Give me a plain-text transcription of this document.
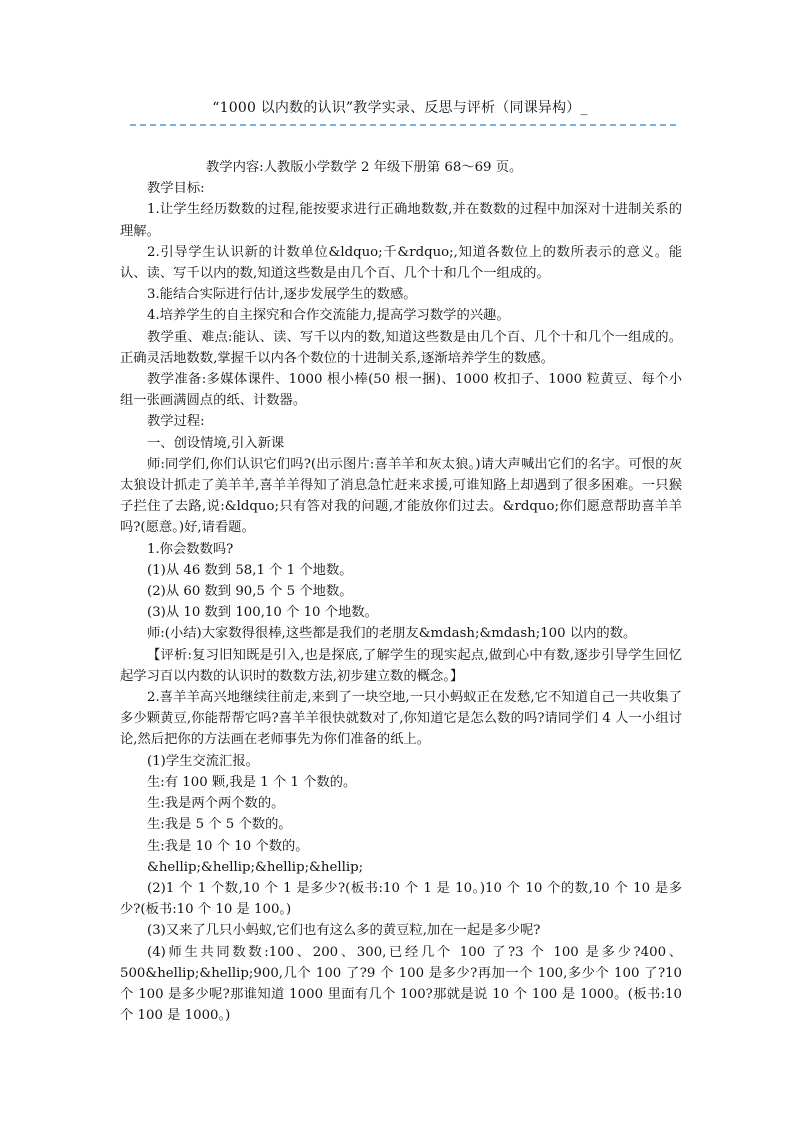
“1000 以内数的认识”教学实录、反思与评析（同课异构）_

教学内容:人教版小学数学 2 年级下册第 68～69 页。

教学目标:

1.让学生经历数数的过程,能按要求进行正确地数数,并在数数的过程中加深对十进制关系的理解。

2.引导学生认识新的计数单位&ldquo;千&rdquo;,知道各数位上的数所表示的意义。能认、读、写千以内的数,知道这些数是由几个百、几个十和几个一组成的。

3.能结合实际进行估计,逐步发展学生的数感。

4.培养学生的自主探究和合作交流能力,提高学习数学的兴趣。

教学重、难点:能认、读、写千以内的数,知道这些数是由几个百、几个十和几个一组成的。正确灵活地数数,掌握千以内各个数位的十进制关系,逐渐培养学生的数感。

教学准备:多媒体课件、1000 根小棒(50 根一捆)、1000 枚扣子、1000 粒黄豆、每个小组一张画满圆点的纸、计数器。

教学过程:

一、创设情境,引入新课

师:同学们,你们认识它们吗?(出示图片:喜羊羊和灰太狼。)请大声喊出它们的名字。可恨的灰太狼设计抓走了美羊羊,喜羊羊得知了消息急忙赶来求援,可谁知路上却遇到了很多困难。一只猴子拦住了去路,说:&ldquo;只有答对我的问题,才能放你们过去。&rdquo;你们愿意帮助喜羊羊吗?(愿意。)好,请看题。

1.你会数数吗?

(1)从 46 数到 58,1 个 1 个地数。

(2)从 60 数到 90,5 个 5 个地数。

(3)从 10 数到 100,10 个 10 个地数。

师:(小结)大家数得很棒,这些都是我们的老朋友&mdash;&mdash;100 以内的数。

【评析:复习旧知既是引入,也是探底,了解学生的现实起点,做到心中有数,逐步引导学生回忆起学习百以内数的认识时的数数方法,初步建立数的概念。】

2.喜羊羊高兴地继续往前走,来到了一块空地,一只小蚂蚁正在发愁,它不知道自己一共收集了多少颗黄豆,你能帮帮它吗?喜羊羊很快就数对了,你知道它是怎么数的吗?请同学们 4 人一小组讨论,然后把你的方法画在老师事先为你们准备的纸上。

(1)学生交流汇报。

生:有 100 颗,我是 1 个 1 个数的。

生:我是两个两个数的。

生:我是 5 个 5 个数的。

生:我是 10 个 10 个数的。

&hellip;&hellip;&hellip;&hellip;

(2)1 个 1 个数,10 个 1 是多少?(板书:10 个 1 是 10。)10 个 10 个的数,10 个 10 是多少?(板书:10 个 10 是 100。)

(3)又来了几只小蚂蚁,它们也有这么多的黄豆粒,加在一起是多少呢?

(4)师生共同数数:100、200、300,已经几个 100 了?3 个 100 是多少?400、500&hellip;&hellip;900,几个 100 了?9 个 100 是多少?再加一个 100,多少个 100 了?10 个 100 是多少呢?那谁知道 1000 里面有几个 100?那就是说 10 个 100 是 1000。(板书:10 个 100 是 1000。)
